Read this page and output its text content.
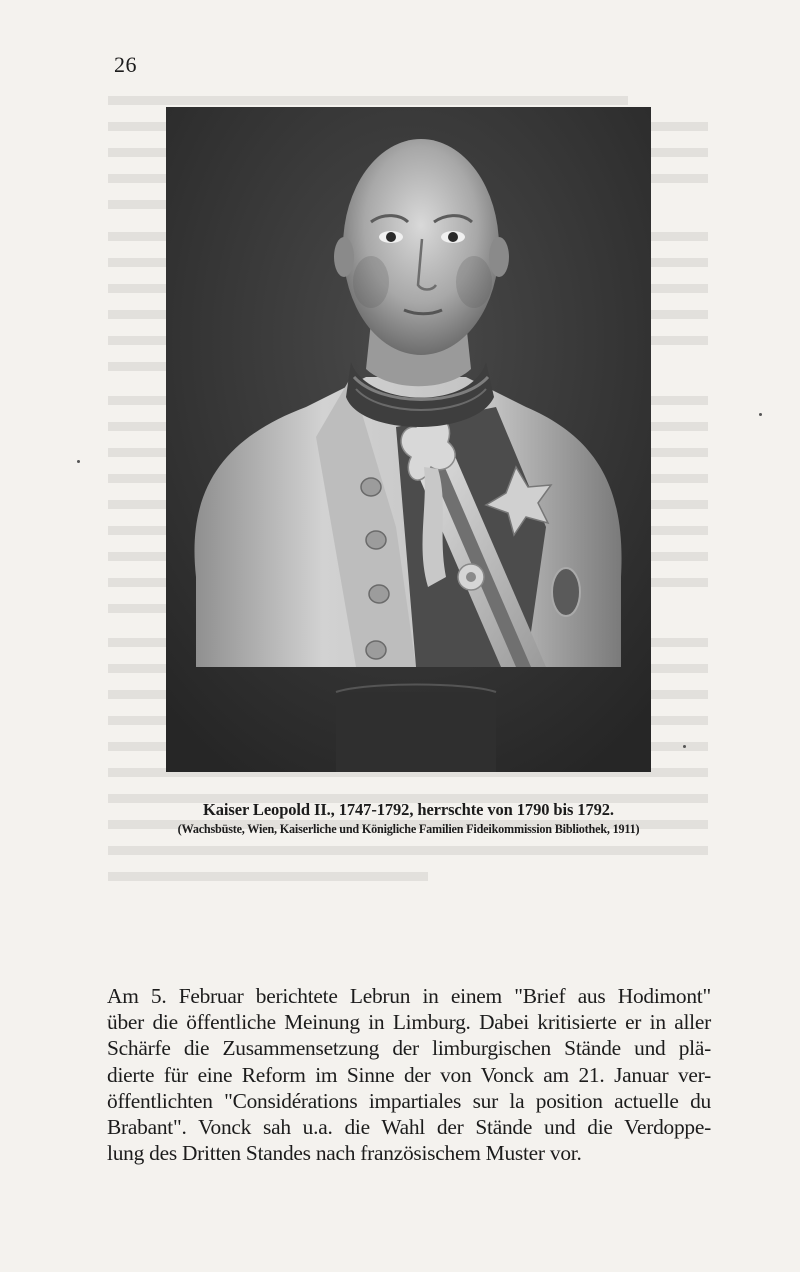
26
Kaiser Leopold II., 1747-1792, herrschte von 1790 bis 1792.
(Wachsbüste, Wien, Kaiserliche und Königliche Familien Fideikommission Bibliothek, 1911)
Am 5. Februar berichtete Lebrun in einem "Brief aus Hodimont"
über die öffentliche Meinung in Limburg. Dabei kritisierte er in aller
Schärfe die Zusammensetzung der limburgischen Stände und plä-
dierte für eine Reform im Sinne der von Vonck am 21. Januar ver-
öffentlichten "Considérations impartiales sur la position actuelle du
Brabant". Vonck sah u.a. die Wahl der Stände und die Verdoppe-
lung des Dritten Standes nach französischem Muster vor.
